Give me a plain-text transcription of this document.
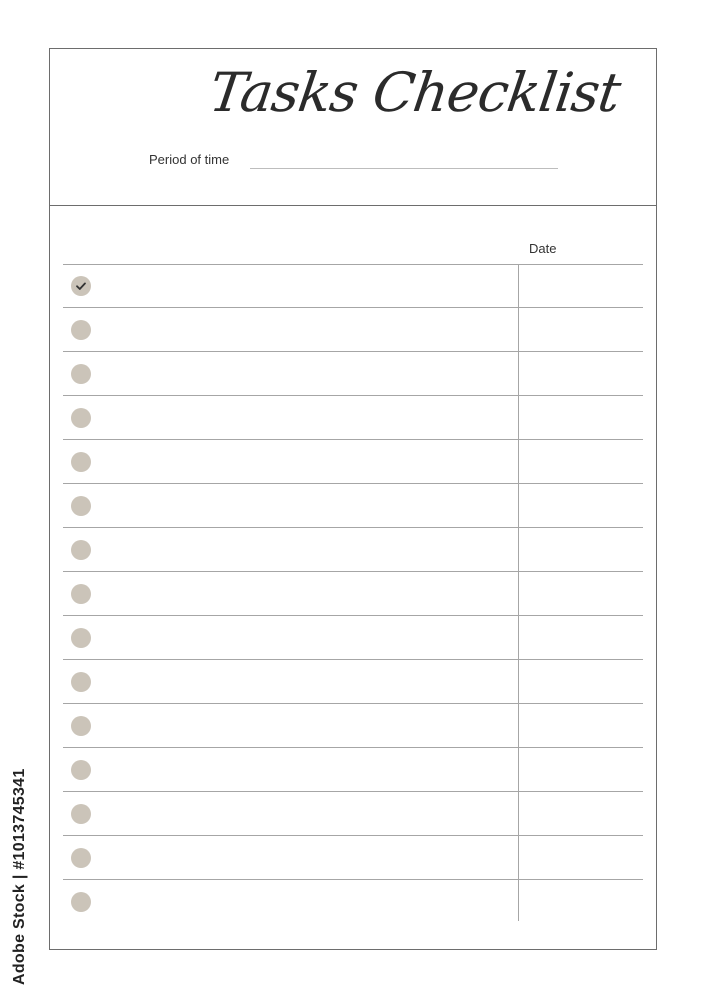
Tasks Checklist
Period of time
Date
Adobe Stock | #1013745341
